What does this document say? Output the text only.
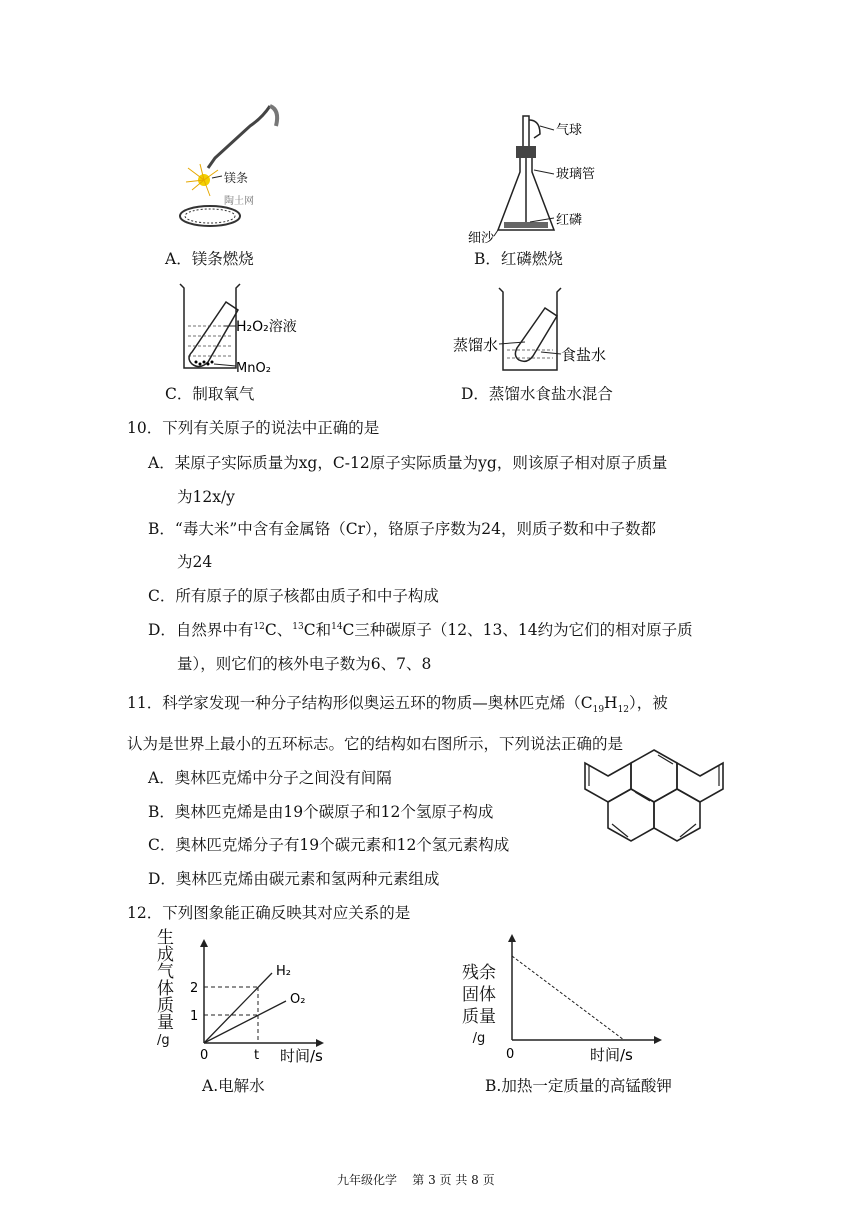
镁条
陶土网
A．镁条燃烧
气球
玻璃管
红磷
细沙
B．红磷燃烧
H₂O₂溶液
MnO₂
C．制取氧气
蒸馏水
食盐水
D．蒸馏水食盐水混合
10．下列有关原子的说法中正确的是
A．某原子实际质量为xg，C-12原子实际质量为yg，则该原子相对原子质量
为12x/y
B．“毒大米”中含有金属铬（Cr），铬原子序数为24，则质子数和中子数都
为24
C．所有原子的原子核都由质子和中子构成
D．自然界中有$^{12}$C、$^{13}$C和$^{14}$C三种碳原子（12、13、14约为它们的相对原子质
量），则它们的核外电子数为6、7、8
11．科学家发现一种分子结构形似奥运五环的物质—奥林匹克烯$(C_{19}H_{12})$，被
认为是世界上最小的五环标志。它的结构如右图所示，下列说法正确的是
A．奥林匹克烯中分子之间没有间隔
B．奥林匹克烯是由19个碳原子和12个氢原子构成
C．奥林匹克烯分子有19个碳元素和12个氢元素构成
D．奥林匹克烯由碳元素和氢两种元素组成
12．下列图象能正确反映其对应关系的是
生
成
气
体
质
量
/g
H₂
O₂
2
1
0	t 时间/s
A.电解水
残余
固体
质量
/g
0	时间/s
B.加热一定质量的高锰酸钾
九年级化学    第 3 页 共 8 页
